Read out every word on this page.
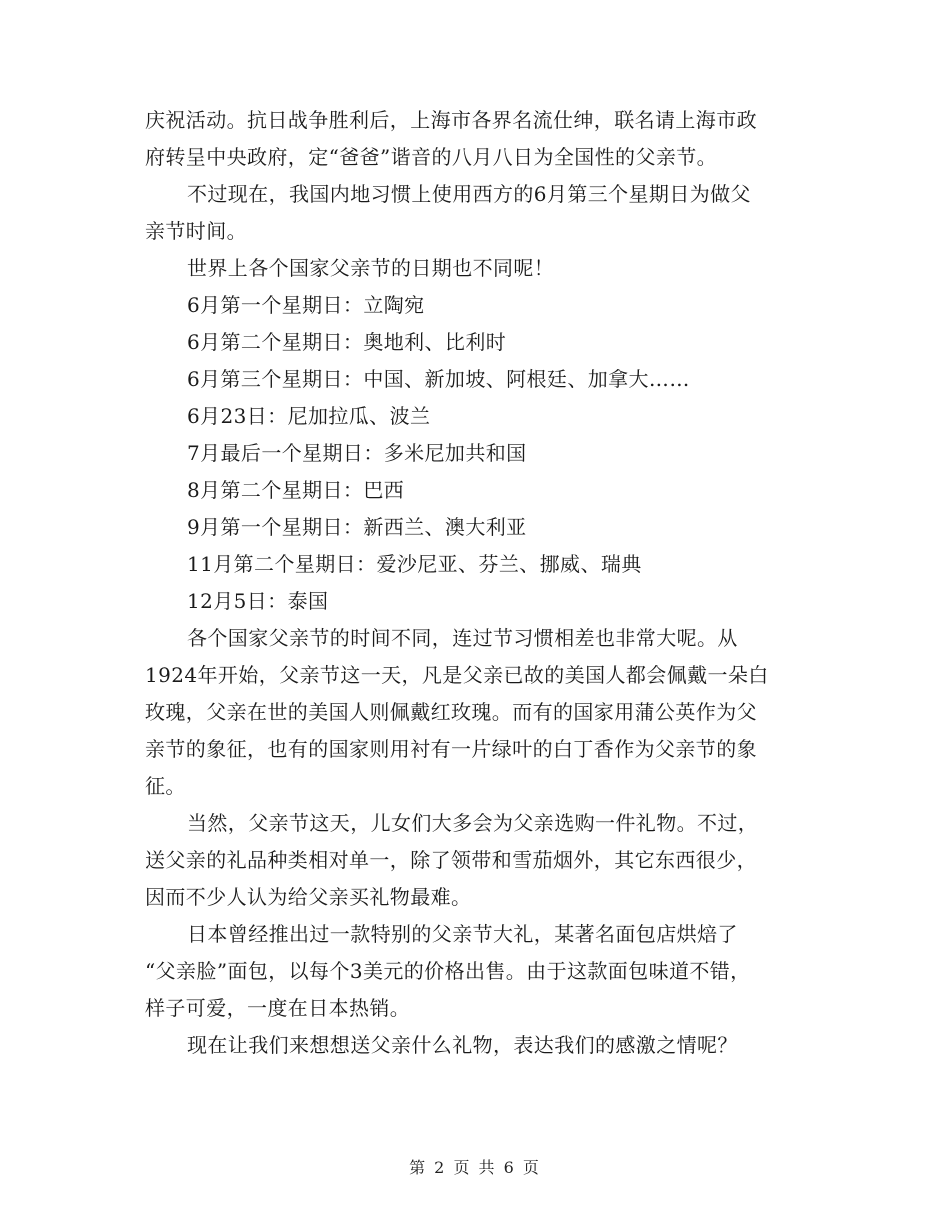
庆祝活动。抗日战争胜利后，上海市各界名流仕绅，联名请上海市政
府转呈中央政府，定“爸爸”谐音的八月八日为全国性的父亲节。
不过现在，我国内地习惯上使用西方的6月第三个星期日为做父
亲节时间。
世界上各个国家父亲节的日期也不同呢！
6月第一个星期日：立陶宛
6月第二个星期日：奥地利、比利时
6月第三个星期日：中国、新加坡、阿根廷、加拿大……
6月23日：尼加拉瓜、波兰
7月最后一个星期日：多米尼加共和国
8月第二个星期日：巴西
9月第一个星期日：新西兰、澳大利亚
11月第二个星期日：爱沙尼亚、芬兰、挪威、瑞典
12月5日：泰国
各个国家父亲节的时间不同，连过节习惯相差也非常大呢。从
1924年开始，父亲节这一天，凡是父亲已故的美国人都会佩戴一朵白
玫瑰，父亲在世的美国人则佩戴红玫瑰。而有的国家用蒲公英作为父
亲节的象征，也有的国家则用衬有一片绿叶的白丁香作为父亲节的象
征。
当然，父亲节这天，儿女们大多会为父亲选购一件礼物。不过，
送父亲的礼品种类相对单一，除了领带和雪茄烟外，其它东西很少，
因而不少人认为给父亲买礼物最难。
日本曾经推出过一款特别的父亲节大礼，某著名面包店烘焙了
“父亲脸”面包，以每个3美元的价格出售。由于这款面包味道不错，
样子可爱，一度在日本热销。
现在让我们来想想送父亲什么礼物，表达我们的感激之情呢？
第 2 页 共 6 页
